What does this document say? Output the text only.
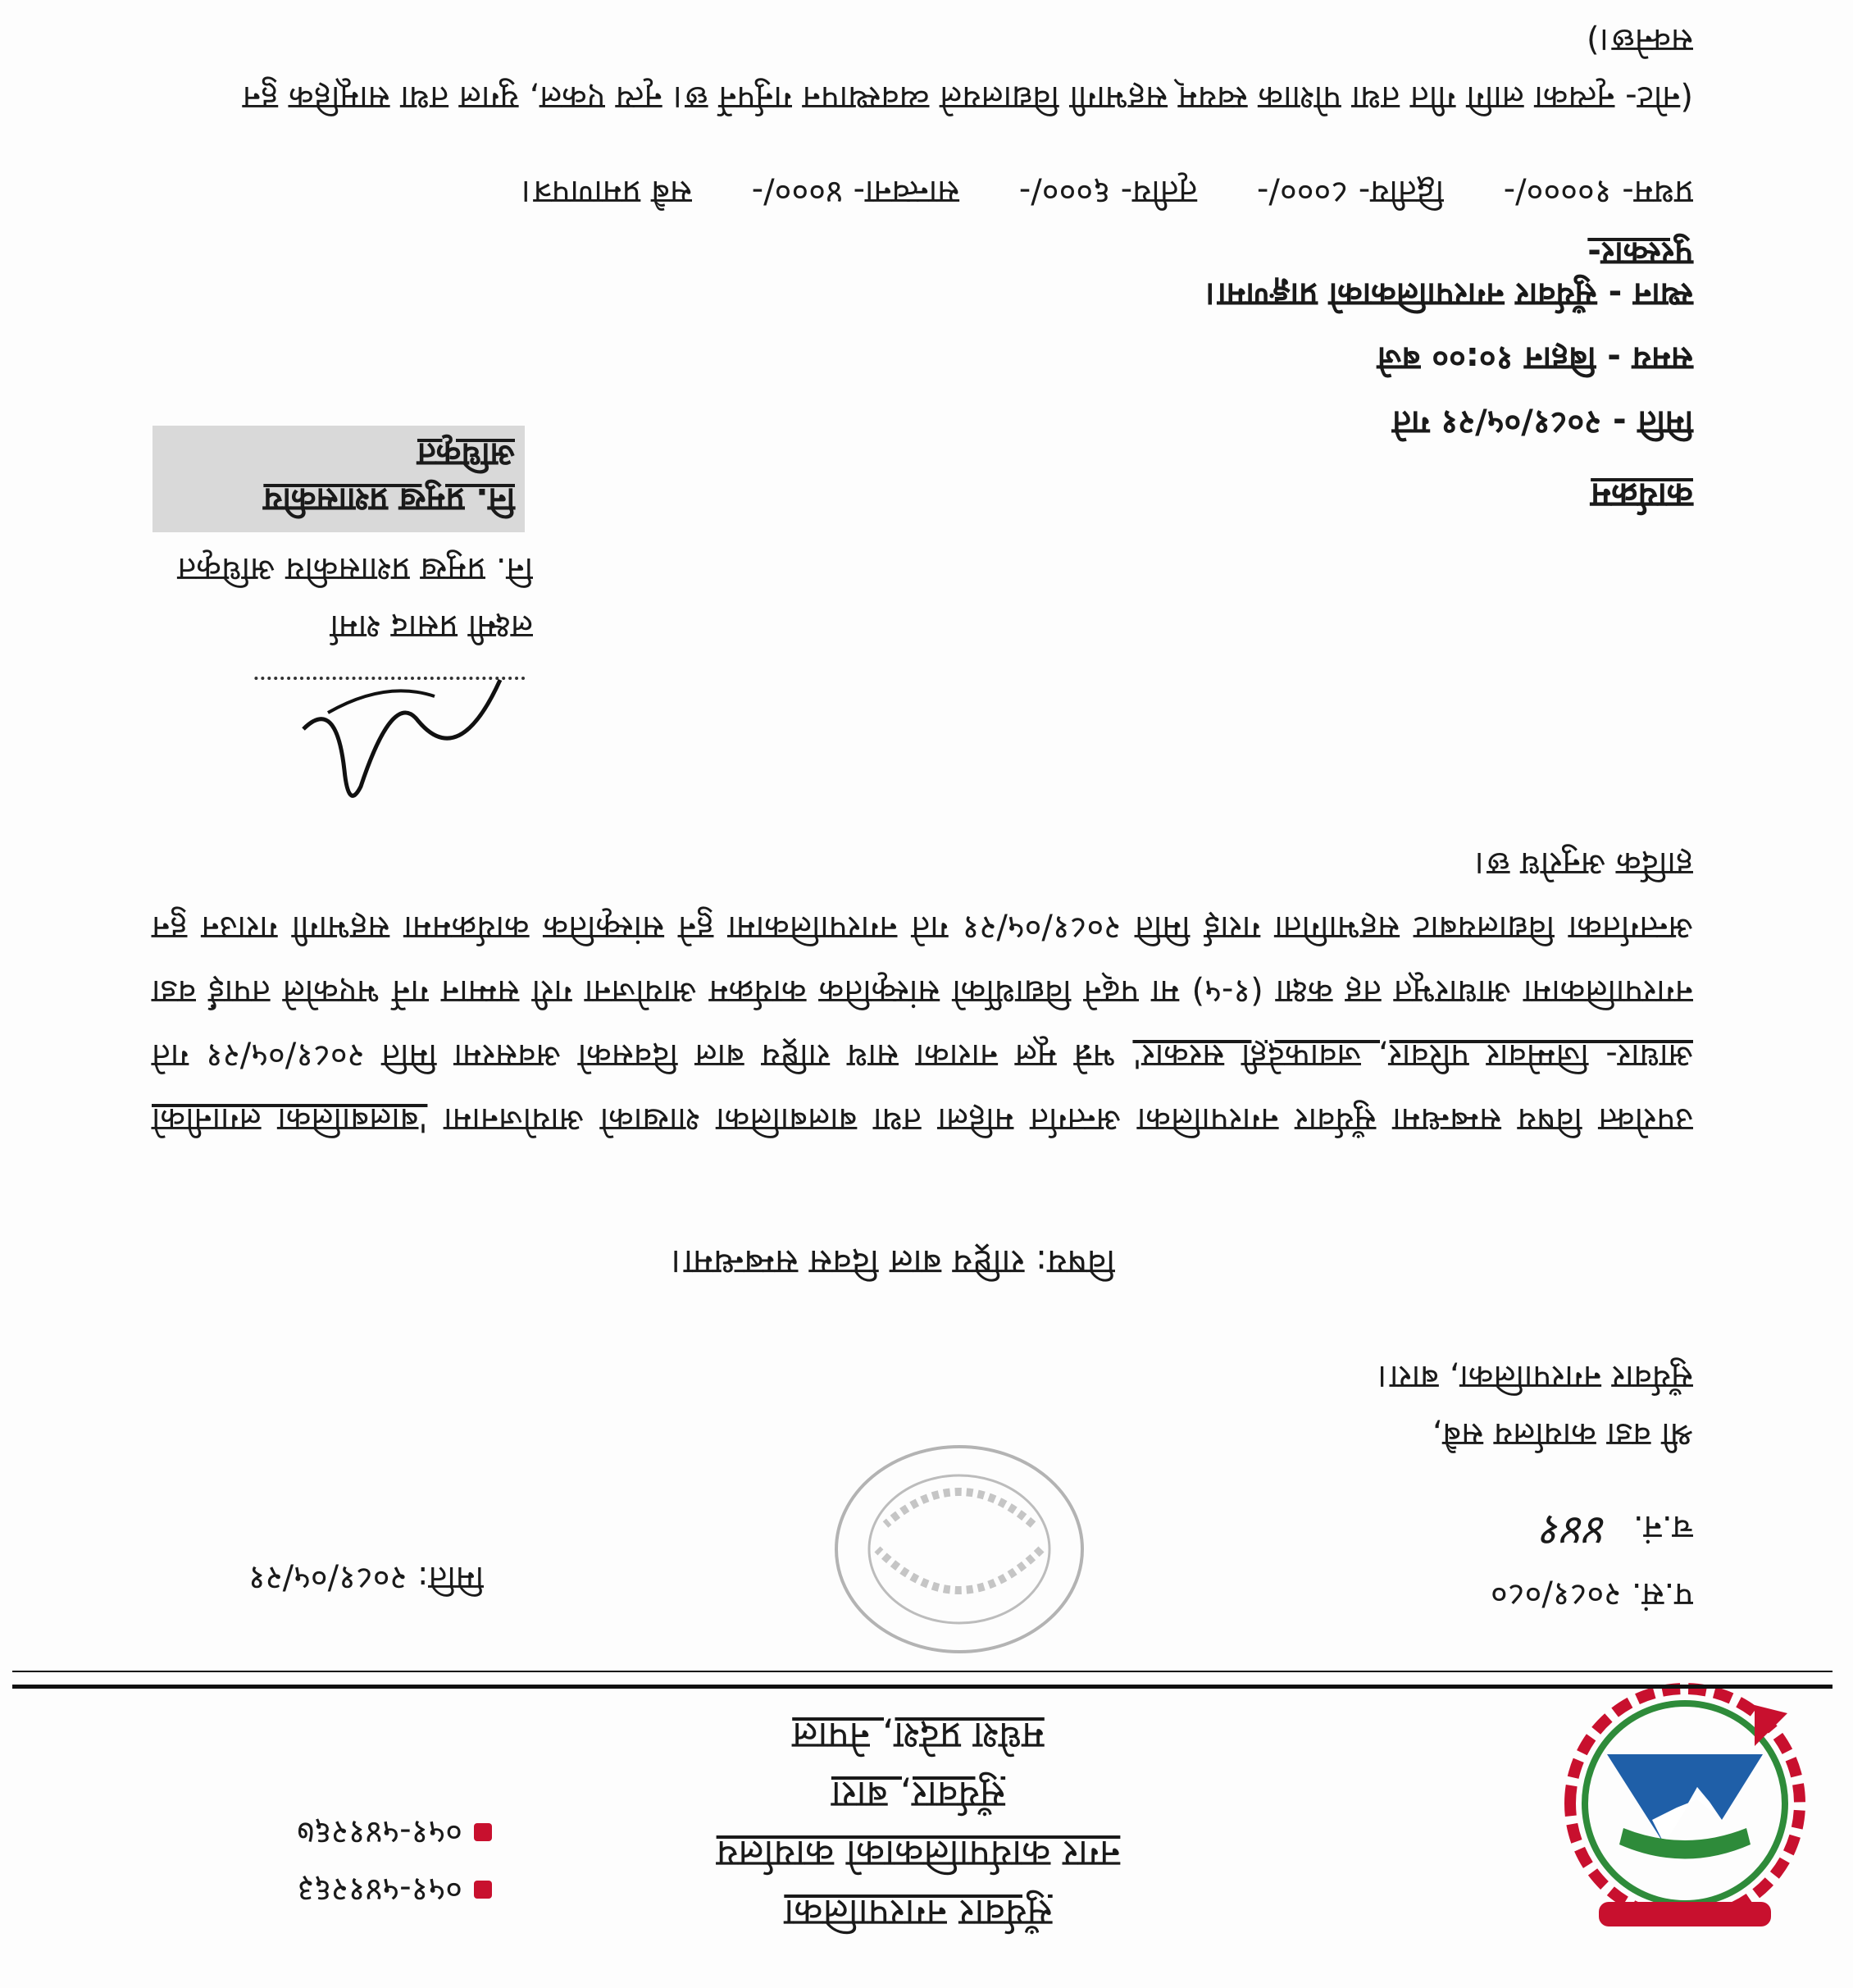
सुँर्यवार नगरपालिका
नगर कार्यपालिकाको कार्यालय
सुँर्यवार, बारा
मधेश प्रदेश, नेपाल
०५१-५४१२६३
०५१-५४१२६७
प.सं. २०८१/०८०
च.नं.
४४१
मिति: २०८१/०५/२१
श्री वडा कार्यालय सबै,
सुँर्यवार नगरपालिका, बारा।
विषय: राष्ट्रिय बाल दिवस सम्बन्धमा।
उपरोक्त विषय सम्बन्धमा सुँर्यवार नगरपालिका अन्तर्गत महिला तथा बालबालिका शाखाको आयोजनामा 'बालबालिका लगानीको आधार- जिम्मेवार परिवार, जवाफदेही सरकार' भन्ने मूल नाराका साथ राष्ट्रिय बाल दिवसको अवसरमा मिति २०८१/०५/२१ गते नगरपालिकामा आधारभूत तह कक्षा (१-५) मा पढ्ने विद्यार्थीको सांस्कृतिक कार्यक्रम आयोजना गरी सम्मान गर्ने भएकोले तपाईं वडा अन्तर्गतका विद्यालयबाट सहभागिता गराई मिति २०८१/०५/२१ गते नगरपालिकामा हुने सांस्कृतिक कार्यक्रममा सहभागी गराउन हुन हार्दिक अनुरोध छ।
लक्ष्मी प्रसाद शर्मा
नि. प्रमुख प्रशासकीय अधिकृत
नि. प्रमुख प्रशासकीय अधिकृत
कार्यक्रम
मिति - २०८१/०५/२१ गते
समय - बिहान १०:०० बजे
स्थान - सुँर्यवार नगरपालिकाको प्राङ्गणमा।
पुरस्कार-
प्रथम- १००००/- द्वितीय- ८०००/- तृतीय- ६०००/- सान्त्वना- ४०००/- सबै प्रमाणपत्र।
(नोट- नृत्यका लागि गीत तथा पोशाक स्वयम् सहभागी विद्यालयले व्यवस्थापन गर्नुपर्ने छ। नृत्य एकल, युगल तथा सामूहिक हुन सक्नेछ।)
